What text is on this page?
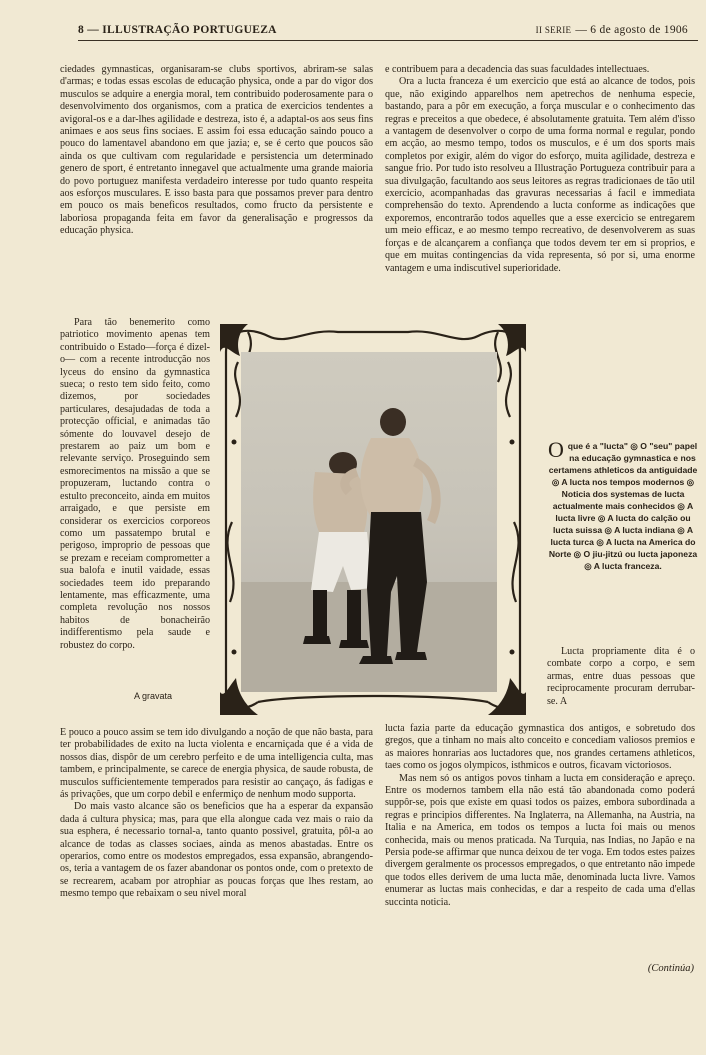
8 — ILLUSTRAÇÃO PORTUGUEZA	II SERIE — 6 de agosto de 1906

ciedades gymnasticas, organisaram-se clubs sportivos, abriram-se salas d'armas; e todas essas escolas de educação physica, onde a par do vigor dos musculos se adquire a energia moral, tem contribuido poderosamente para o desenvolvimento dos organismos, com a pratica de exercicios tendentes a avigoral-os e a dar-lhes agilidade e destreza, isto é, a adaptal-os aos seus fins animaes e aos seus fins sociaes. E assim foi essa educação saindo pouco a pouco do lamentavel abandono em que jazia; e, se é certo que poucos são ainda os que cultivam com regularidade e persistencia um determinado genero de sport, é entretanto innegavel que actualmente uma grande maioria do povo portuguez manifesta verdadeiro interesse por tudo quanto respeita aos esforços musculares. E isso basta para que possamos prever para dentro em pouco os mais beneficos resultados, como fructo da persistente e laboriosa propaganda feita em favor da generalisação e progressos da educação physica.

Para tão benemerito como patriotico movimento apenas tem contribuido o Estado—força é dizel-o— com a recente introducção nos lyceus do ensino da gymnastica sueca; o resto tem sido feito, como dizemos, por sociedades particulares, desajudadas de toda a protecção official, e animadas tão sómente do louvavel desejo de prestarem ao paiz um bom e relevante serviço. Proseguindo sem esmorecimentos na missão a que se propuzeram, luctando contra o estulto preconceito, ainda em muitos arraigado, e que persiste em considerar os exercicios corporeos como um passatempo brutal e perigoso, improprio de pessoas que se prezam e receiam comprometter a sua balofa e inutil vaidade, essas sociedades teem ido preparando lentamente, mas efficazmente, uma completa revolução nos nossos habitos de bonacheirão indifferentismo pela saude e robustez do corpo.

E pouco a pouco assim se tem ido divulgando a noção de que não basta, para ter probabilidades de exito na lucta violenta e encarniçada que é a vida de nossos dias, dispôr de um cerebro perfeito e de uma intelligencia culta, mas tambem, e principalmente, se carece de energia physica, de saude robusta, de musculos sufficientemente temperados para resistir ao cançaço, ás fadigas e ás privações, que um corpo debil e enfermiço de nenhum modo supporta.

Do mais vasto alcance são os beneficios que ha a esperar da expansão dada á cultura physica; mas, para que ella alongue cada vez mais o raio da sua esphera, é necessario tornal-a, tanto quanto possivel, gratuita, pôl-a ao alcance de todas as classes sociaes, ainda as menos abastadas. Entre os operarios, como entre os modestos empregados, essa expansão, abrangendo-os, teria a vantagem de os fazer abandonar os pontos onde, com o pretexto de se recrearem, acabam por atrophiar as poucas forças que lhes restam, ao mesmo tempo que rebaixam o seu nivel moral

e contribuem para a decadencia das suas faculdades intellectuaes.

Ora a lucta franceza é um exercicio que está ao alcance de todos, pois que, não exigindo apparelhos nem apetrechos de nenhuma especie, bastando, para a pôr em execução, a força muscular e o conhecimento das regras e preceitos a que obedece, é absolutamente gratuita. Tem além d'isso a vantagem de desenvolver o corpo de uma forma normal e regular, pondo em acção, ao mesmo tempo, todos os musculos, e é um dos sports mais completos por exigir, além do vigor do esforço, muita agilidade, destreza e sangue frio. Por tudo isto resolveu a Illustração Portugueza contribuir para a sua divulgação, facultando aos seus leitores as regras tradicionaes de tão util exercicio, acompanhadas das gravuras necessarias á facil e immediata comprehensão do texto. Aprendendo a lucta conforme as indicações que exporemos, encontrarão todos aquelles que a esse exercicio se entregarem um meio efficaz, e ao mesmo tempo recreativo, de desenvolverem as suas forças e de alcançarem a confiança que todos devem ter em si proprios, e que em muitas contingencias da vida representa, só por si, uma enorme vantagem e uma indiscutivel superioridade.

Lucta propriamente dita é o combate corpo a corpo, e sem armas, entre duas pessoas que reciprocamente procuram derrubar-se. A

lucta fazia parte da educação gymnastica dos antigos, e sobretudo dos gregos, que a tinham no mais alto conceito e concediam valiosos premios e as maiores honrarias aos luctadores que, nos grandes certamens athleticos, taes como os jogos olympicos, isthmicos e outros, ficavam victoriosos.

Mas nem só os antigos povos tinham a lucta em consideração e apreço. Entre os modernos tambem ella não está tão abandonada como poderá suppôr-se, pois que existe em quasi todos os paizes, embora subordinada a regras e principios differentes. Na Inglaterra, na Allemanha, na Austria, na Italia e na America, em todos os tempos a lucta foi mais ou menos conhecida, mais ou menos praticada. Na Turquia, nas Indias, no Japão e na Persia pode-se affirmar que nunca deixou de ter voga. Em todos estes paizes divergem geralmente os processos empregados, o que entretanto não impede que todos elles derivem de uma lucta mãe, denominada lucta livre. Vamos enumerar as luctas mais conhecidas, e dar a respeito de cada uma d'ellas succinta noticia.

O que é a "lucta" ◎ O "seu" papel na educação gymnastica e nos certamens athleticos da antiguidade ◎ A lucta nos tempos modernos ◎ Noticia dos systemas de lucta actualmente mais conhecidos ◎ A lucta livre ◎ A lucta do calção ou lucta suissa ◎ A lucta indiana ◎ A lucta turca ◎ A lucta na America do Norte ◎ O jiu-jitzú ou lucta japoneza ◎ A lucta franceza.
A gravata
(Continúa)
